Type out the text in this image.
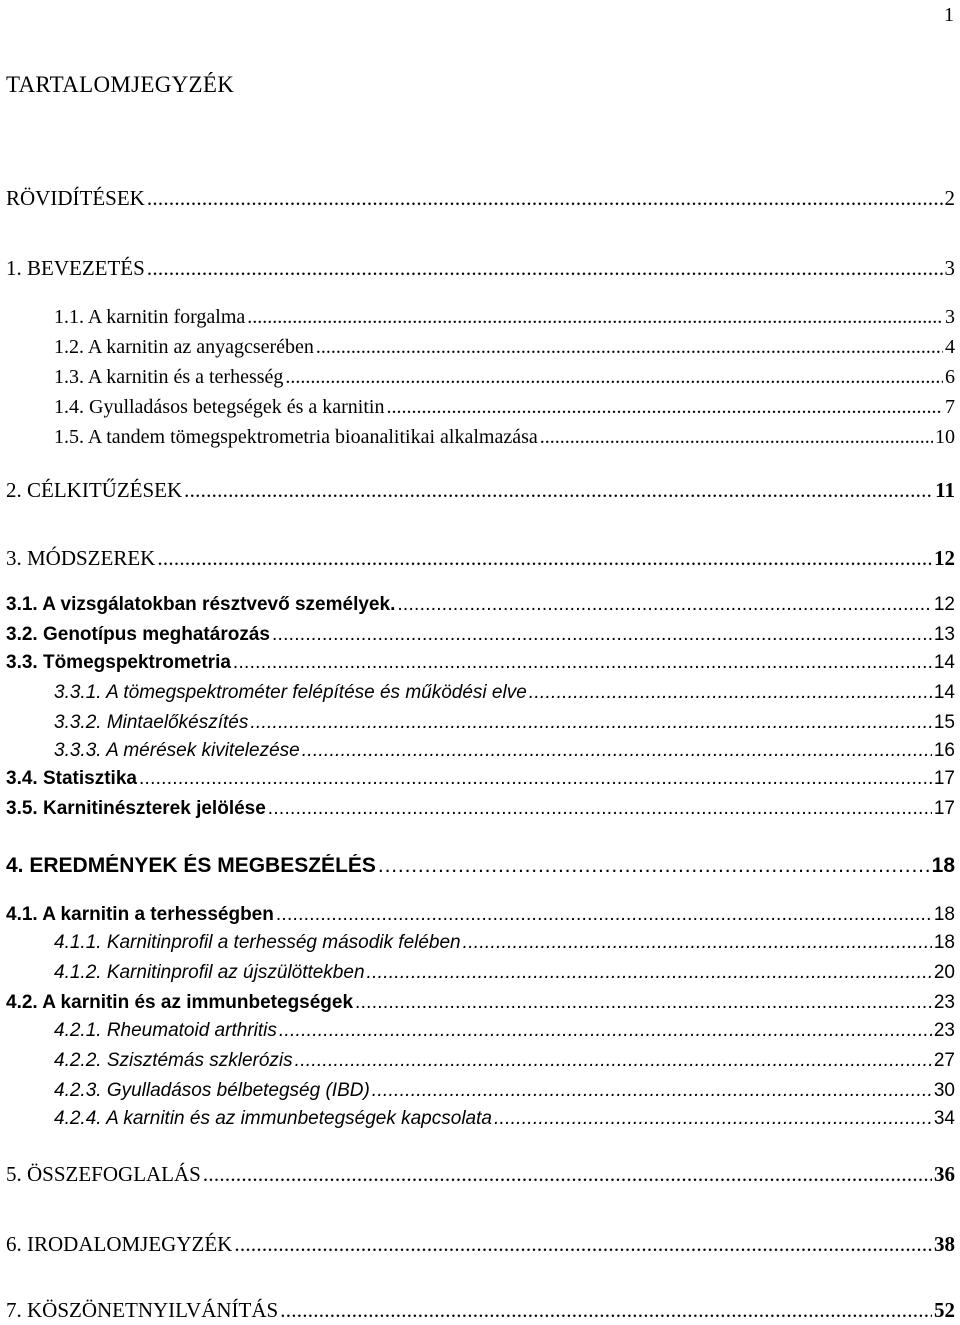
1
TARTALOMJEGYZÉK
RÖVIDÍTÉSEK . . .	2
1. BEVEZETÉS . . .	3
1.1. A karnitin forgalma . . .	3
1.2. A karnitin az anyagcserében . . .	4
1.3. A karnitin és a terhesség . . .	6
1.4. Gyulladásos betegségek és a karnitin . . .	7
1.5. A tandem tömegspektrometria bioanalitikai alkalmazása . . .	10
2. CÉLKITŰZÉSEK . . .	11
3. MÓDSZEREK . . .	12
3.1. A vizsgálatokban résztvevő személyek. . . .	12
3.2. Genotípus meghatározás . . .	13
3.3. Tömegspektrometria . . .	14
3.3.1. A tömegspektrométer felépítése és működési elve . . .	14
3.3.2. Mintaelőkészítés . . .	15
3.3.3. A mérések kivitelezése . . .	16
3.4. Statisztika . . .	17
3.5. Karnitinészterek jelölése . . .	17
4. EREDMÉNYEK ÉS MEGBESZÉLÉS . . .	18
4.1. A karnitin a terhességben . . .	18
4.1.1. Karnitinprofil a terhesség második felében . . .	18
4.1.2. Karnitinprofil az újszülöttekben . . .	20
4.2. A karnitin és az immunbetegségek . . .	23
4.2.1. Rheumatoid arthritis . . .	23
4.2.2. Szisztémás szklerózis . . .	27
4.2.3. Gyulladásos bélbetegség (IBD) . . .	30
4.2.4. A karnitin és az immunbetegségek kapcsolata . . .	34
5. ÖSSZEFOGLALÁS . . .	36
6. IRODALOMJEGYZÉK . . .	38
7. KÖSZÖNETNYILVÁNÍTÁS . . .	52
